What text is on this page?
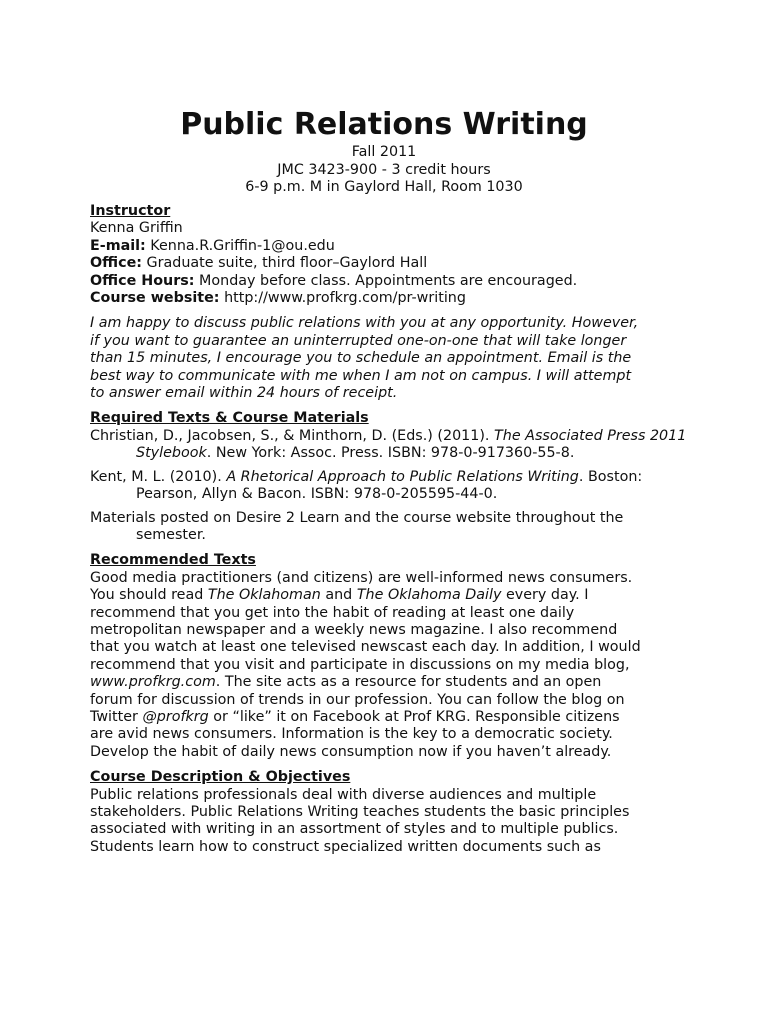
Public Relations Writing
Fall 2011
JMC 3423-900 - 3 credit hours
6-9 p.m. M in Gaylord Hall, Room 1030
Instructor
Kenna Griffin
E-mail: Kenna.R.Griffin-1@ou.edu
Office: Graduate suite, third floor–Gaylord Hall
Office Hours: Monday before class. Appointments are encouraged.
Course website: http://www.profkrg.com/pr-writing
I am happy to discuss public relations with you at any opportunity. However,
if you want to guarantee an uninterrupted one-on-one that will take longer
than 15 minutes, I encourage you to schedule an appointment. Email is the
best way to communicate with me when I am not on campus. I will attempt
to answer email within 24 hours of receipt.
Required Texts & Course Materials

Christian, D., Jacobsen, S., & Minthorn, D. (Eds.) (2011). The Associated Press 2011 Stylebook. New York: Assoc. Press. ISBN: 978-0-917360-55-8.

Kent, M. L. (2010). A Rhetorical Approach to Public Relations Writing. Boston: Pearson, Allyn & Bacon. ISBN: 978-0-205595-44-0.

Materials posted on Desire 2 Learn and the course website throughout the semester.

Recommended Texts
Good media practitioners (and citizens) are well-informed news consumers.
You should read The Oklahoman and The Oklahoma Daily every day. I
recommend that you get into the habit of reading at least one daily
metropolitan newspaper and a weekly news magazine. I also recommend
that you watch at least one televised newscast each day. In addition, I would
recommend that you visit and participate in discussions on my media blog,
www.profkrg.com. The site acts as a resource for students and an open
forum for discussion of trends in our profession. You can follow the blog on
Twitter @profkrg or “like” it on Facebook at Prof KRG. Responsible citizens
are avid news consumers. Information is the key to a democratic society.
Develop the habit of daily news consumption now if you haven’t already.
Course Description & Objectives
Public relations professionals deal with diverse audiences and multiple
stakeholders. Public Relations Writing teaches students the basic principles
associated with writing in an assortment of styles and to multiple publics.
Students learn how to construct specialized written documents such as
